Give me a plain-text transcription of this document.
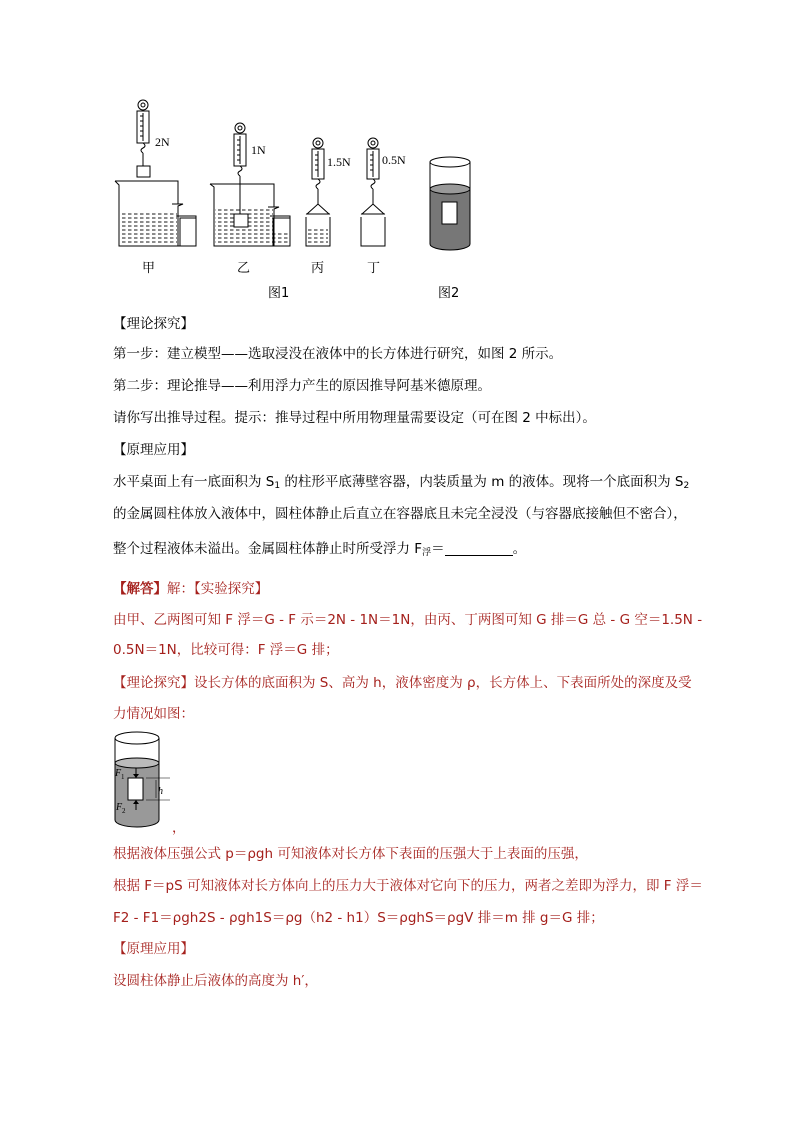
2N
1N
1.5N	0.5N
甲	乙	丙	丁
图1	图2
【理论探究】
第一步：建立模型——选取浸没在液体中的长方体进行研究，如图 2 所示。
第二步：理论推导——利用浮力产生的原因推导阿基米德原理。
请你写出推导过程。提示：推导过程中所用物理量需要设定（可在图 2 中标出）。
【原理应用】
水平桌面上有一底面积为 $S_1$ 的柱形平底薄壁容器，内装质量为 m 的液体。现将一个底面积为 $S_2$
的金属圆柱体放入液体中，圆柱体静止后直立在容器底且未完全浸没（与容器底接触但不密合），
整个过程液体未溢出。金属圆柱体静止时所受浮力 $F_浮=$	。
【解答】解：【实验探究】
由甲、乙两图可知 F 浮＝G - F 示＝2N - 1N＝1N，由丙、丁两图可知 G 排＝G 总 - G 空＝1.5N -
0.5N＝1N，比较可得：F 浮＝G 排；
【理论探究】设长方体的底面积为 S、高为 h，液体密度为 ρ，长方体上、下表面所处的深度及受
力情况如图：
F 1
F 2
h
，
根据液体压强公式 p＝ρgh 可知液体对长方体下表面的压强大于上表面的压强，
根据 F＝pS 可知液体对长方体向上的压力大于液体对它向下的压力，两者之差即为浮力，即 F 浮＝
F2 - F1＝ρgh2S - ρgh1S＝ρg（h2 - h1）S＝ρghS＝ρgV 排＝m 排 g＝G 排；
【原理应用】
设圆柱体静止后液体的高度为 h′，
